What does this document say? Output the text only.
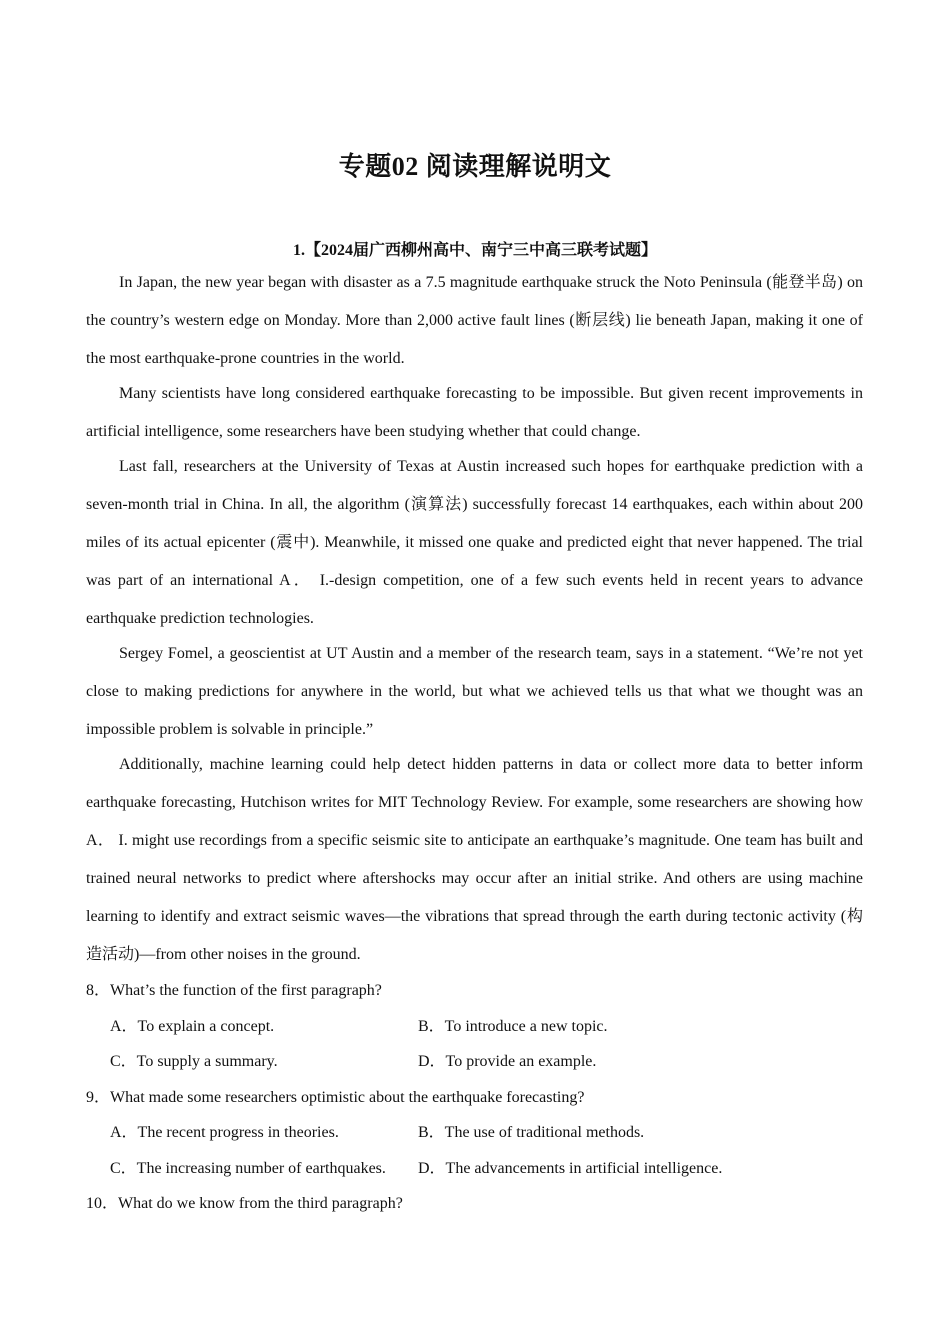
专题02 阅读理解说明文
1.【2024届广西柳州高中、南宁三中高三联考试题】

In Japan, the new year began with disaster as a 7.5 magnitude earthquake struck the Noto Peninsula (能登半岛) on the country’s western edge on Monday. More than 2,000 active fault lines (断层线) lie beneath Japan, making it one of the most earthquake-prone countries in the world.

Many scientists have long considered earthquake forecasting to be impossible. But given recent improvements in artificial intelligence, some researchers have been studying whether that could change.

Last fall, researchers at the University of Texas at Austin increased such hopes for earthquake prediction with a seven-month trial in China. In all, the algorithm (演算法) successfully forecast 14 earthquakes, each within about 200 miles of its actual epicenter (震中). Meanwhile, it missed one quake and predicted eight that never happened. The trial was part of an international A． I.-design competition, one of a few such events held in recent years to advance earthquake prediction technologies.

Sergey Fomel, a geoscientist at UT Austin and a member of the research team, says in a statement. “We’re not yet close to making predictions for anywhere in the world, but what we achieved tells us that what we thought was an impossible problem is solvable in principle.”

Additionally, machine learning could help detect hidden patterns in data or collect more data to better inform earthquake forecasting, Hutchison writes for MIT Technology Review. For example, some researchers are showing how A． I. might use recordings from a specific seismic site to anticipate an earthquake’s magnitude. One team has built and trained neural networks to predict where aftershocks may occur after an initial strike. And others are using machine learning to identify and extract seismic waves—the vibrations that spread through the earth during tectonic activity (构造活动)—from other noises in the ground.

8．What’s the function of the first paragraph?
A．To explain a concept.	B．To introduce a new topic.
C．To supply a summary.	D．To provide an example.
9．What made some researchers optimistic about the earthquake forecasting?
A．The recent progress in theories.	B．The use of traditional methods.
C．The increasing number of earthquakes.	D．The advancements in artificial intelligence.
10．What do we know from the third paragraph?
